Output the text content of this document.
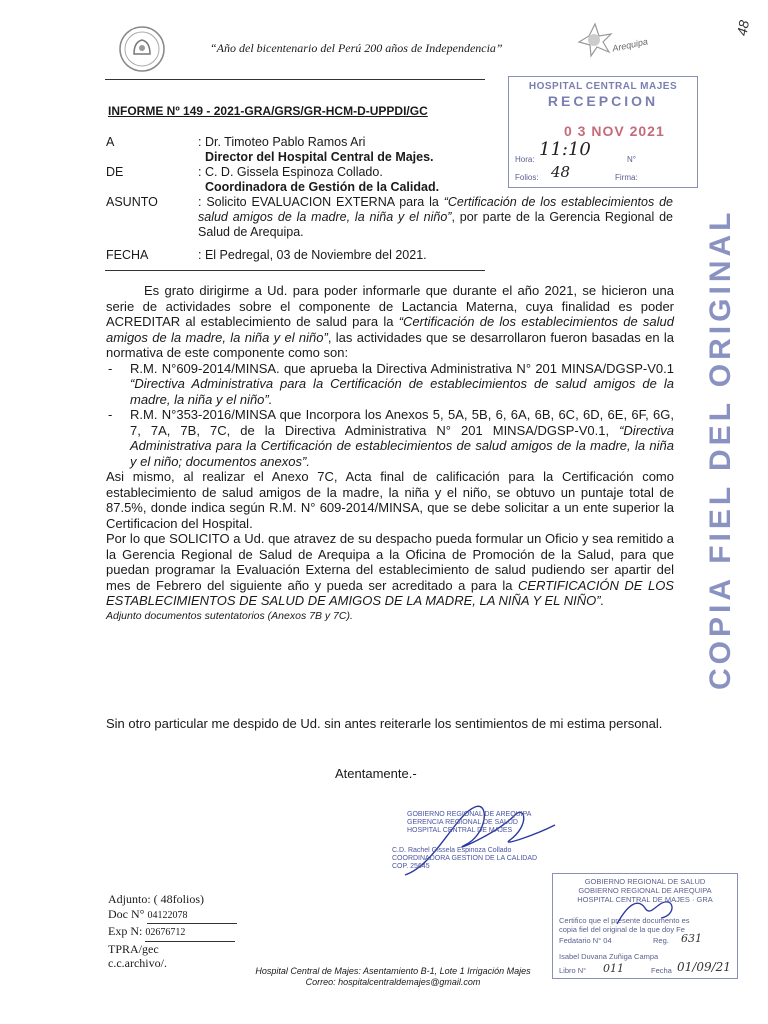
Arequipa
48
“Año del bicentenario del Perú 200 años de Independencia”
INFORME Nº 149 - 2021-GRA/GRS/GR-HCM-D-UPPDI/GC
HOSPITAL CENTRAL MAJES
RECEPCION
0 3 NOV 2021
Hora: 11:10	N°
Folios: 48	Firma:
A	: Dr. Timoteo Pablo Ramos Ari
Director del Hospital Central de Majes.
DE	: C. D. Gissela Espinoza Collado.
Coordinadora de Gestión de la Calidad.
ASUNTO	: Solicito EVALUACION EXTERNA para la “Certificación de los establecimientos de salud amigos de la madre, la niña y el niño”, por parte de la Gerencia Regional de Salud de Arequipa.
FECHA	: El Pedregal, 03 de Noviembre del 2021.

Es grato dirigirme a Ud. para poder informarle que durante el año 2021, se hicieron una serie de actividades sobre el componente de Lactancia Materna, cuya finalidad es poder ACREDITAR al establecimiento de salud para la “Certificación de los establecimientos de salud amigos de la madre, la niña y el niño”, las actividades que se desarrollaron fueron basadas en la normativa de este componente como son:

- R.M. N°609-2014/MINSA. que aprueba la Directiva Administrativa N° 201 MINSA/DGSP-V0.1 “Directiva Administrativa para la Certificación de establecimientos de salud amigos de la madre, la niña y el niño”.
- R.M. N°353-2016/MINSA que Incorpora los Anexos 5, 5A, 5B, 6, 6A, 6B, 6C, 6D, 6E, 6F, 6G, 7, 7A, 7B, 7C, de la Directiva Administrativa N° 201 MINSA/DGSP-V0.1, “Directiva Administrativa para la Certificación de establecimientos de salud amigos de la madre, la niña y el niño; documentos anexos”.

Asi mismo, al realizar el Anexo 7C, Acta final de calificación para la Certificación como establecimiento de salud amigos de la madre, la niña y el niño, se obtuvo un puntaje total de 87.5%, donde indica según R.M. N° 609-2014/MINSA, que se debe solicitar a un ente superior la Certificacion del Hospital.

Por lo que SOLICITO a Ud. que atravez de su despacho pueda formular un Oficio y sea remitido a la Gerencia Regional de Salud de Arequipa a la Oficina de Promoción de la Salud, para que puedan programar la Evaluación Externa del establecimiento de salud pudiendo ser apartir del mes de Febrero del siguiente año y pueda ser acreditado a para la CERTIFICACIÓN DE LOS ESTABLECIMIENTOS DE SALUD DE AMIGOS DE LA MADRE, LA NIÑA Y EL NIÑO”.

Adjunto documentos sutentatorios (Anexos 7B y 7C).

Sin otro particular me despido de Ud. sin antes reiterarle los sentimientos de mi estima personal.
Atentamente.-
COPIA FIEL DEL ORIGINAL
GOBIERNO REGIONAL DE AREQUIPA
GERENCIA REGIONAL DE SALUD
HOSPITAL CENTRAL DE MAJES
C.D. Rachel Gissela Espinoza Collado
COORDINADORA GESTION DE LA CALIDAD
COP. 25645
Adjunto: ( 48folios)
Doc N° 04122078
Exp N: 02676712
TPRA/gec
c.c.archivo/.
GOBIERNO REGIONAL DE SALUD
GOBIERNO REGIONAL DE AREQUIPA
HOSPITAL CENTRAL DE MAJES · GRA
Certifico que el presente documento es
copia fiel del original de la que doy Fe
Fedatario N° 04	Reg. 631
Isabel Duvana Zuñiga Campa
Libro N° 011	Fecha 01/09/21
Hospital Central de Majes: Asentamiento B-1, Lote 1 Irrigación Majes
Correo: hospitalcentraldemajes@gmail.com
